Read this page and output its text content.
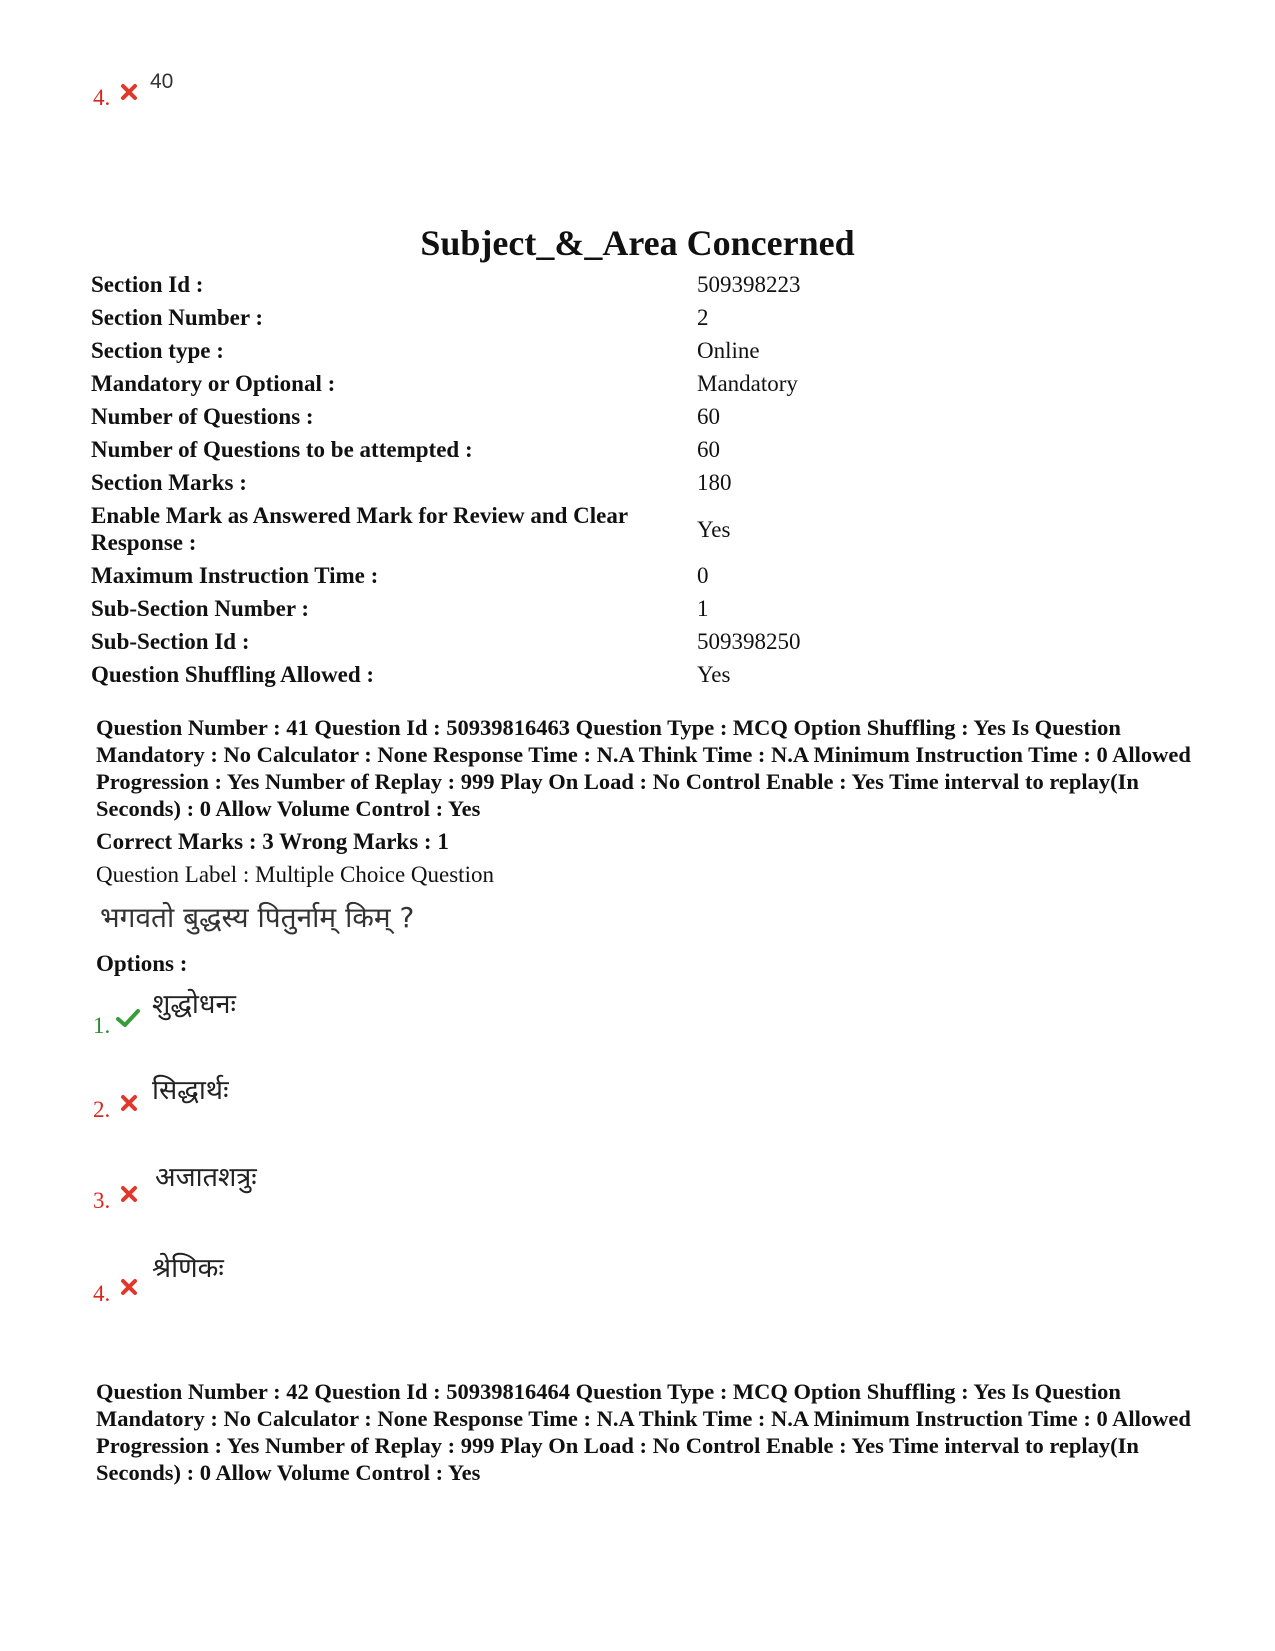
4.
40
Subject_&_Area Concerned
Section Id :	509398223
Section Number :	2
Section type :	Online
Mandatory or Optional :	Mandatory
Number of Questions :	60
Number of Questions to be attempted :	60
Section Marks :	180
Enable Mark as Answered Mark for Review and Clear Response :
Yes
Maximum Instruction Time :	0
Sub-Section Number :	1
Sub-Section Id :	509398250
Question Shuffling Allowed :	Yes
Question Number : 41 Question Id : 50939816463 Question Type : MCQ Option Shuffling : Yes Is Question Mandatory : No Calculator : None Response Time : N.A Think Time : N.A Minimum Instruction Time : 0 Allowed Progression : Yes Number of Replay : 999 Play On Load : No Control Enable : Yes Time interval to replay(In Seconds) : 0 Allow Volume Control : Yes
Correct Marks : 3 Wrong Marks : 1
Question Label : Multiple Choice Question
भगवतो बुद्धस्य पितुर्नाम् किम् ?
Options :
1.
शुद्धोधनः
2.
सिद्धार्थः
3.
अजातशत्रुः
4.
श्रेणिकः
Question Number : 42 Question Id : 50939816464 Question Type : MCQ Option Shuffling : Yes Is Question Mandatory : No Calculator : None Response Time : N.A Think Time : N.A Minimum Instruction Time : 0 Allowed Progression : Yes Number of Replay : 999 Play On Load : No Control Enable : Yes Time interval to replay(In Seconds) : 0 Allow Volume Control : Yes
